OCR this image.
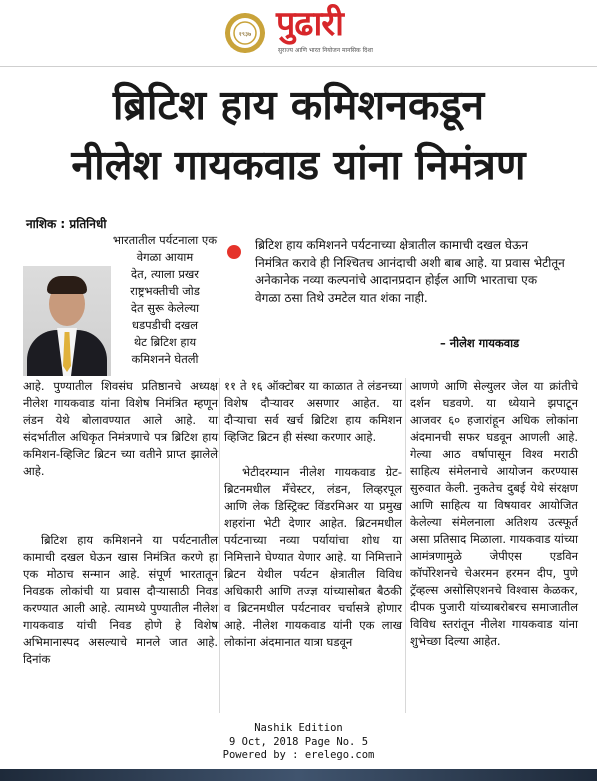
१९३७ पुढारी
सुराज्य आणि भारत नियोजन मानसिक दिशा
ब्रिटिश हाय कमिशनकडून
नीलेश गायकवाड यांना निमंत्रण
नाशिक : प्रतिनिधी
भारतातील पर्यटनाला एक
वेगळा आयाम
देत, त्याला प्रखर
राष्ट्रभक्तीची जोड
देत सुरू केलेल्या
धडपडीची दखल
थेट ब्रिटिश हाय
कमिशनने घेतली
आहे. पुण्यातील शिवसंघ प्रतिष्ठानचे अध्यक्ष नीलेश गायकवाड यांना विशेष निमंत्रित म्हणून लंडन येथे बोलावण्यात आले आहे. या संदर्भातील अधिकृत निमंत्रणाचे पत्र ब्रिटिश हाय कमिशन-व्हिजिट ब्रिटन च्या वतीने प्राप्त झालेले आहे.
ब्रिटिश हाय कमिशनने या पर्यटनातील कामाची दखल घेऊन खास निमंत्रित करणे हा एक मोठाच सन्मान आहे. संपूर्ण भारतातून निवडक लोकांची या प्रवास दौऱ्यासाठी निवड करण्यात आली आहे. त्यामध्ये पुण्यातील नीलेश गायकवाड यांची निवड होणे हे विशेष अभिमानास्पद असल्याचे मानले जात आहे. दिनांक
ब्रिटिश हाय कमिशनने पर्यटनाच्या क्षेत्रातील कामाची दखल घेऊन निमंत्रित करावे ही निश्चितच आनंदाची अशी बाब आहे. या प्रवास भेटीतून अनेकानेक नव्या कल्पनांचे आदानप्रदान होईल आणि भारताचा एक वेगळा ठसा तिथे उमटेल यात शंका नाही.
– नीलेश गायकवाड
११ ते १६ ऑक्टोबर या काळात ते लंडनच्या विशेष दौऱ्यावर असणार आहेत. या दौऱ्याचा सर्व खर्च ब्रिटिश हाय कमिशन व्हिजिट ब्रिटन ही संस्था करणार आहे.
भेटीदरम्यान नीलेश गायकवाड ग्रेट-ब्रिटनमधील मँचेस्टर, लंडन, लिव्हरपूल आणि लेक डिस्ट्रिक्ट विंडरमिअर या प्रमुख शहरांना भेटी देणार आहेत. ब्रिटनमधील पर्यटनाच्या नव्या पर्यायांचा शोध या निमित्ताने घेण्यात येणार आहे. या निमित्ताने ब्रिटन येथील पर्यटन क्षेत्रातील विविध अधिकारी आणि तज्ज्ञ यांच्यासोबत बैठकी व ब्रिटनमधील पर्यटनावर चर्चासत्रे होणार आहे. नीलेश गायकवाड यांनी एक लाख लोकांना अंदमानात यात्रा घडवून
आणणे आणि सेल्युलर जेल या क्रांतीचे दर्शन घडवणे. या ध्येयाने झपाटून आजवर ६० हजारांहून अधिक लोकांना अंदमानची सफर घडवून आणली आहे. गेल्या आठ वर्षापासून विश्व मराठी साहित्य संमेलनाचे आयोजन करण्यास सुरुवात केली. नुकतेच दुबई येथे संरक्षण आणि साहित्य या विषयावर आयोजित केलेल्या संमेलनाला अतिशय उत्स्फूर्त असा प्रतिसाद मिळाला. गायकवाड यांच्या आमंत्रणामुळे जेपीएस एडविन कॉर्पोरेशनचे चेअरमन हरमन दीप, पुणे ट्रॅव्हल्स असोसिएशनचे विश्वास केळकर, दीपक पुजारी यांच्याबरोबरच समाजातील विविध स्तरांतून नीलेश गायकवाड यांना शुभेच्छा दिल्या आहेत.
Nashik Edition
9 Oct, 2018 Page No. 5
Powered by : erelego.com
